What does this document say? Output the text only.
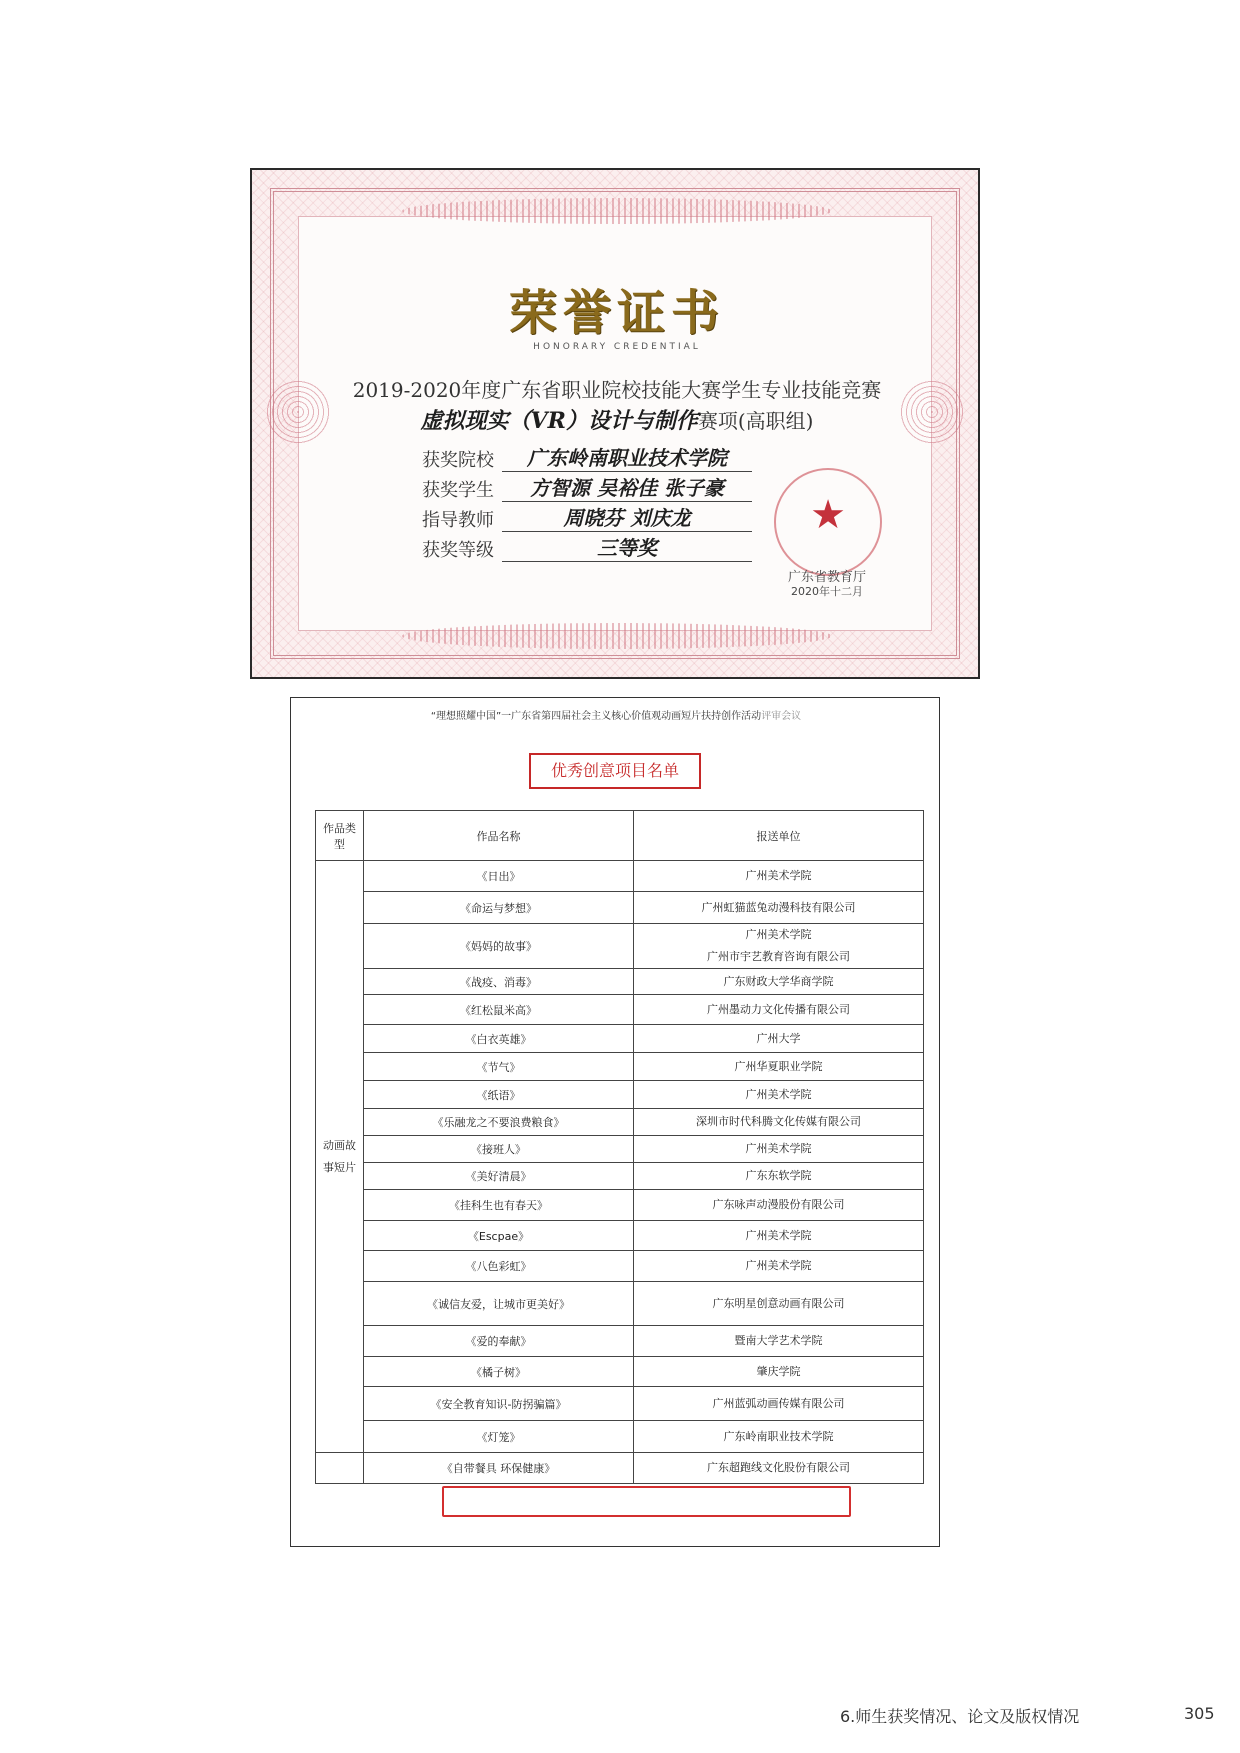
荣誉证书
HONORARY CREDENTIAL
2019-2020年度广东省职业院校技能大赛学生专业技能竞赛
虚拟现实（VR）设计与制作赛项(高职组)
获奖院校	广东岭南职业技术学院
获奖学生	方智源 吴裕佳 张子豪
指导教师	周晓芬 刘庆龙
获奖等级	三等奖
★
广东省教育厅
2020年十二月
“理想照耀中国”一广东省第四届社会主义核心价值观动画短片扶持创作活动评审会议
优秀创意项目名单
作品类型	作品名称	报送单位
动画故事短片	《日出》	广州美术学院

	《命运与梦想》	广州虹猫蓝兔动漫科技有限公司

	《妈妈的故事》	广州美术学院
广州市宇艺教育咨询有限公司

	《战疫、消毒》	广东财政大学华商学院

	《红松鼠米高》	广州墨动力文化传播有限公司

	《白衣英雄》	广州大学

	《节气》	广州华夏职业学院

	《纸语》	广州美术学院

	《乐融龙之不要浪费粮食》	深圳市时代科腾文化传媒有限公司

	《接班人》	广州美术学院

	《美好清晨》	广东东软学院

	《挂科生也有春天》	广东咏声动漫股份有限公司

	《Escpae》	广州美术学院

	《八色彩虹》	广州美术学院

	《诚信友爱，让城市更美好》	广东明星创意动画有限公司

	《爱的奉献》	暨南大学艺术学院

	《橘子树》	肇庆学院

	《安全教育知识-防拐骗篇》	广州蓝弧动画传媒有限公司

	《灯笼》	广东岭南职业技术学院

	《自带餐具 环保健康》	广东超跑线文化股份有限公司
6.师生获奖情况、论文及版权情况	305
